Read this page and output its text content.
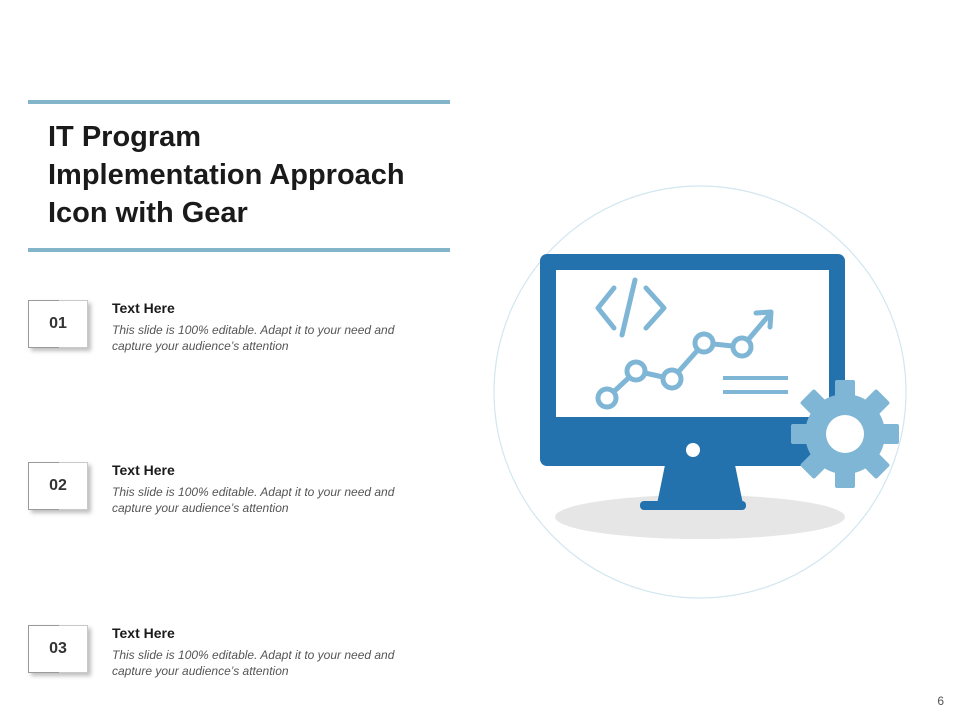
IT Program
Implementation Approach
Icon with Gear
01
Text Here
This slide is 100% editable. Adapt it to your need and
capture your audience’s attention
02
Text Here
This slide is 100% editable. Adapt it to your need and
capture your audience’s attention
03
Text Here
This slide is 100% editable. Adapt it to your need and
capture your audience’s attention
6
